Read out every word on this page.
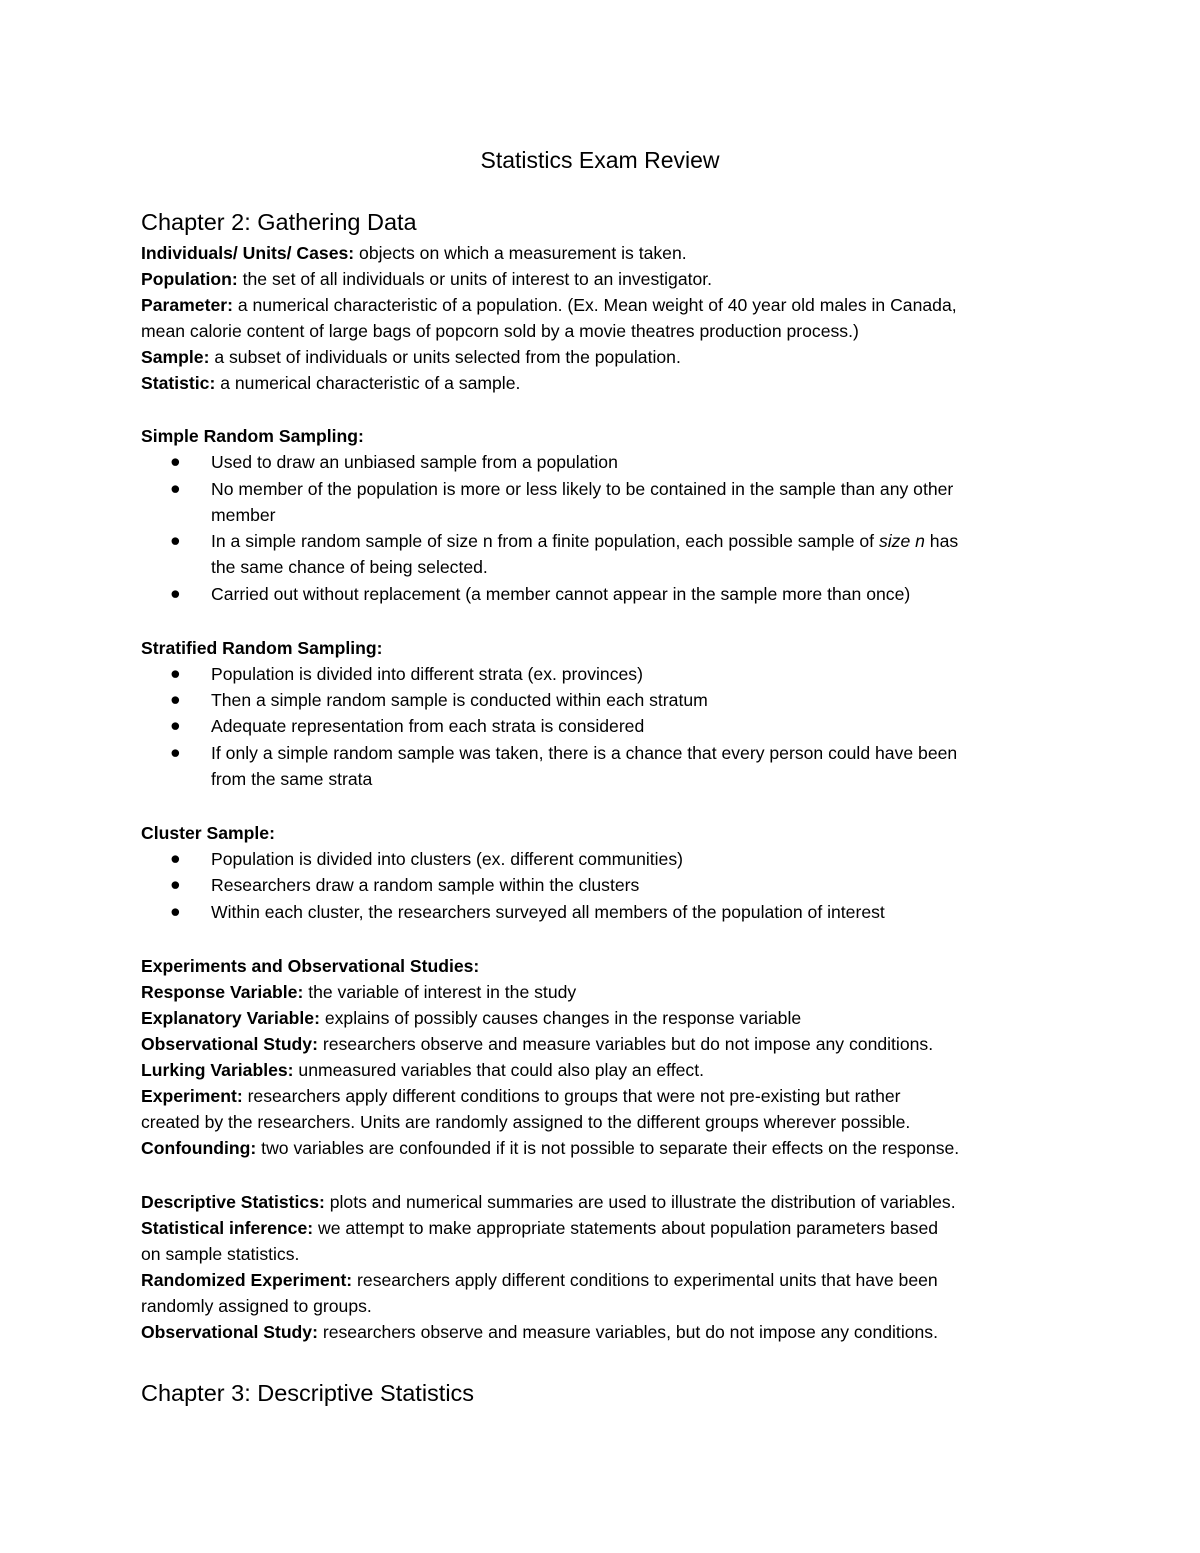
Statistics Exam Review
Chapter 2: Gathering Data
Individuals/ Units/ Cases: objects on which a measurement is taken.
Population: the set of all individuals or units of interest to an investigator.
Parameter: a numerical characteristic of a population. (Ex. Mean weight of 40 year old males in Canada,
mean calorie content of large bags of popcorn sold by a movie theatres production process.)
Sample: a subset of individuals or units selected from the population.
Statistic: a numerical characteristic of a sample.
Simple Random Sampling:
● Used to draw an unbiased sample from a population
● No member of the population is more or less likely to be contained in the sample than any other
member
● In a simple random sample of size n from a finite population, each possible sample of size n has
the same chance of being selected.
● Carried out without replacement (a member cannot appear in the sample more than once)
Stratified Random Sampling:
● Population is divided into different strata (ex. provinces)
● Then a simple random sample is conducted within each stratum
● Adequate representation from each strata is considered
● If only a simple random sample was taken, there is a chance that every person could have been
from the same strata
Cluster Sample:
● Population is divided into clusters (ex. different communities)
● Researchers draw a random sample within the clusters
● Within each cluster, the researchers surveyed all members of the population of interest
Experiments and Observational Studies:
Response Variable: the variable of interest in the study
Explanatory Variable: explains of possibly causes changes in the response variable
Observational Study: researchers observe and measure variables but do not impose any conditions.
Lurking Variables: unmeasured variables that could also play an effect.
Experiment: researchers apply different conditions to groups that were not pre-existing but rather
created by the researchers. Units are randomly assigned to the different groups wherever possible.
Confounding: two variables are confounded if it is not possible to separate their effects on the response.
Descriptive Statistics: plots and numerical summaries are used to illustrate the distribution of variables.
Statistical inference: we attempt to make appropriate statements about population parameters based
on sample statistics.
Randomized Experiment: researchers apply different conditions to experimental units that have been
randomly assigned to groups.
Observational Study: researchers observe and measure variables, but do not impose any conditions.
Chapter 3: Descriptive Statistics
